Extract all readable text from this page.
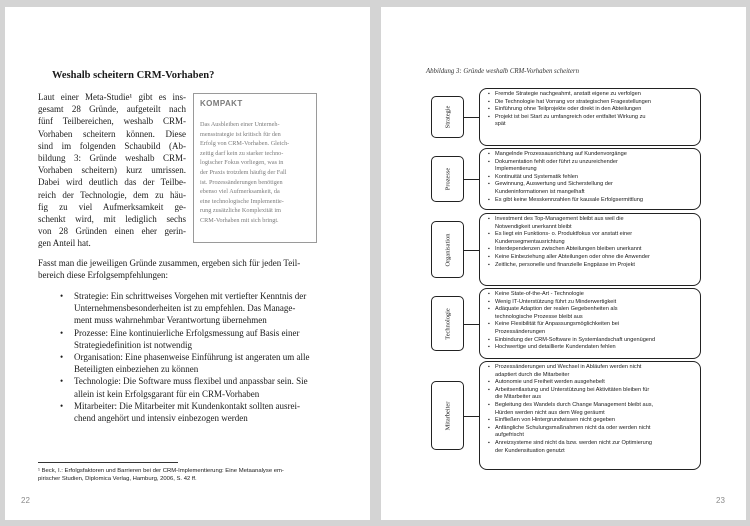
Weshalb scheitern CRM-Vorhaben?
Laut einer Meta-Studie¹ gibt es ins-
gesamt 28 Gründe, aufgeteilt nach
fünf Teilbereichen, weshalb CRM-
Vorhaben scheitern können. Diese
sind im folgenden Schaubild (Ab-
bildung 3: Gründe weshalb CRM-
Vorhaben scheitern) kurz umrissen.
Dabei wird deutlich das der Teilbe-
reich der Technologie, dem zu häu-
fig zu viel Aufmerksamkeit ge-
schenkt wird, mit lediglich sechs
von 28 Gründen einen eher gerin-
gen Anteil hat.
KOMPAKT
Das Ausbleiben einer Unterneh-
mensstrategie ist kritisch für den
Erfolg von CRM-Vorhaben. Gleich-
zeitig darf kein zu starker techno-
logischer Fokus vorliegen, was in
der Praxis trotzdem häufig der Fall
ist. Prozessänderungen benötigen
ebenso viel Aufmerksamkeit, da
eine technologische Implementie-
rung zusätzliche Komplexität im
CRM-Vorhaben mit sich bringt.
Fasst man die jeweiligen Gründe zusammen, ergeben sich für jeden Teil-
bereich diese Erfolgsempfehlungen:
• Strategie: Ein schrittweises Vorgehen mit vertiefter Kenntnis der
Unternehmensbesonderheiten ist zu empfehlen. Das Manage-
ment muss wahrnehmbar Verantwortung übernehmen
• Prozesse: Eine kontinuierliche Erfolgsmessung auf Basis einer
Strategiedefinition ist notwendig
• Organisation: Eine phasenweise Einführung ist angeraten um alle
Beteiligten einbeziehen zu können
• Technologie: Die Software muss flexibel und anpassbar sein. Sie
allein ist kein Erfolgsgarant für ein CRM-Vorhaben
• Mitarbeiter: Die Mitarbeiter mit Kundenkontakt sollten ausrei-
chend angehört und intensiv einbezogen werden
¹ Beck, I.: Erfolgsfaktoren und Barrieren bei der CRM-Implementierung: Eine Metaanalyse em-
pirischer Studien, Diplomica Verlag, Hamburg, 2006, S. 42 ff.
22
Abbildung 3: Gründe weshalb CRM-Vorhaben scheitern
Strategie
▪ Fremde Strategie nachgeahmt, anstatt eigene zu verfolgen
▪ Die Technologie hat Vorrang vor strategischen Fragestellungen
▪ Einführung ohne Teilprojekte oder direkt in den Abteilungen
▪ Projekt ist bei Start zu umfangreich oder entfaltet Wirkung zu
spät
Prozesse
▪ Mangelnde Prozessausrichtung auf Kundenvorgänge
▪ Dokumentation fehlt oder führt zu unzureichender
Implementierung
▪ Kontinuität und Systematik fehlen
▪ Gewinnung, Auswertung und Sicherstellung der
Kundeninformationen ist mangelhaft
▪ Es gibt keine Messkennzahlen für kausale Erfolgsermittlung
Organisation
▪ Investment des Top-Management bleibt aus weil die
Notwendigkeit unerkannt bleibt
▪ Es liegt ein Funktions- o. Produktfokus vor anstatt einer
Kundensegmentausrichtung
▪ Interdependenzen zwischen Abteilungen bleiben unerkannt
▪ Keine Einbeziehung aller Abteilungen oder ohne die Anwender
▪ Zeitliche, personelle und finanzielle Engpässe im Projekt
Technologie
▪ Keine State-of-the-Art - Technologie
▪ Wenig IT-Unterstützung führt zu Minderwertigkeit
▪ Adäquate Adaption der realen Gegebenheiten als
technologische Prozesse bleibt aus
▪ Keine Flexibilität für Anpassungsmöglichkeiten bei
Prozessänderungen
▪ Einbindung der CRM-Software in Systemlandschaft ungenügend
▪ Hochwertige und detaillierte Kundendaten fehlen
Mitarbeiter
▪ Prozessänderungen und Wechsel in Abläufen werden nicht
adaptiert durch die Mitarbeiter
▪ Autonomie und Freiheit werden ausgehebelt
▪ Arbeitsentlastung und Unterstützung bei Aktivitäten bleiben für
die Mitarbeiter aus
▪ Begleitung des Wandels durch Change Management bleibt aus,
Hürden werden nicht aus dem Weg geräumt
▪ Einfließen von Hintergrundwissen nicht gegeben
▪ Anfängliche Schulungsmaßnahmen nicht da oder werden nicht
aufgefrischt
▪ Anreizsysteme sind nicht da bzw. werden nicht zur Optimierung
der Kundensituation genutzt
23
